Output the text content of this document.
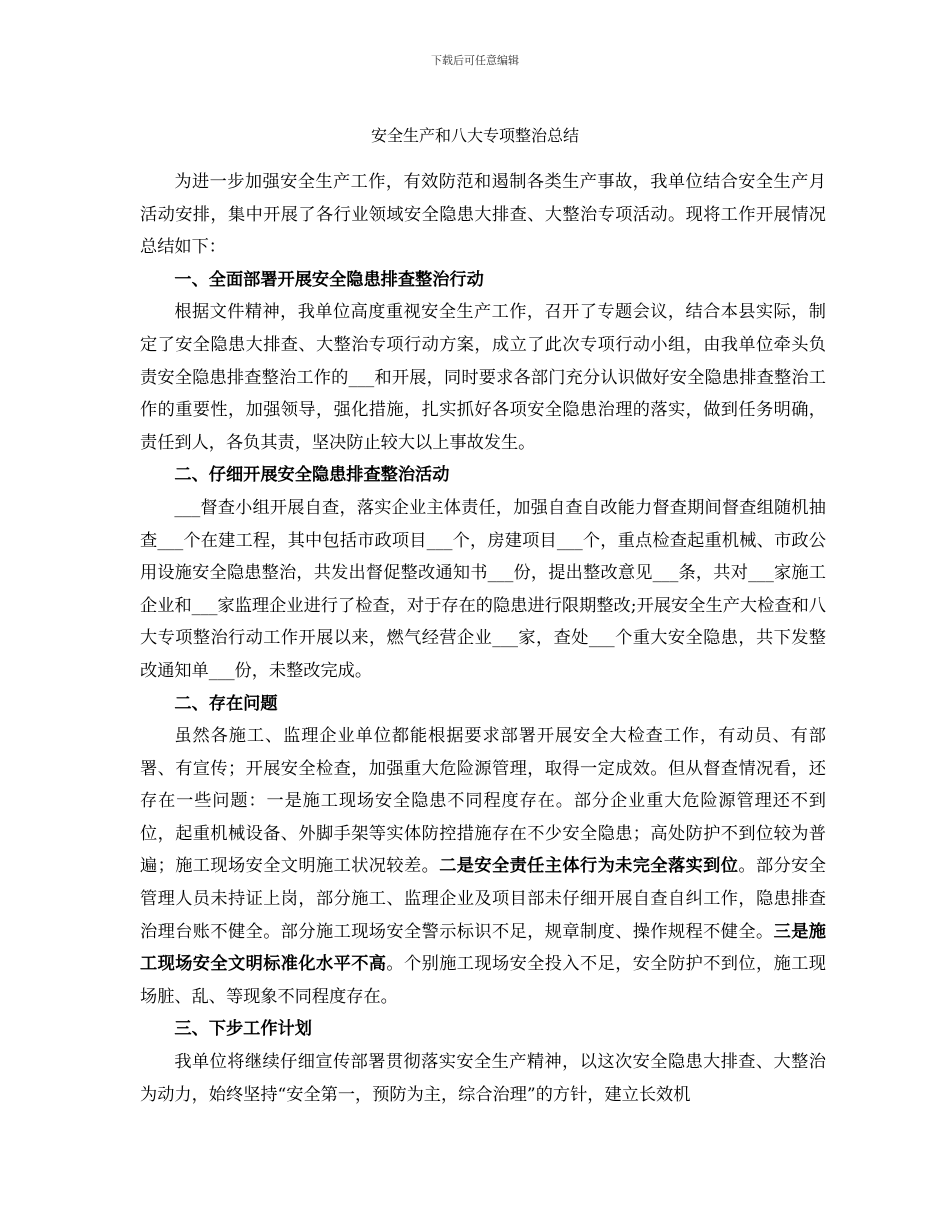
下载后可任意编辑
安全生产和八大专项整治总结

为进一步加强安全生产工作，有效防范和遏制各类生产事故，我单位结合安全生产月活动安排，集中开展了各行业领域安全隐患大排查、大整治专项活动。现将工作开展情况总结如下：

一、全面部署开展安全隐患排查整治行动

根据文件精神，我单位高度重视安全生产工作，召开了专题会议，结合本县实际，制定了安全隐患大排查、大整治专项行动方案，成立了此次专项行动小组，由我单位牵头负责安全隐患排查整治工作的___和开展，同时要求各部门充分认识做好安全隐患排查整治工作的重要性，加强领导，强化措施，扎实抓好各项安全隐患治理的落实，做到任务明确，责任到人，各负其责，坚决防止较大以上事故发生。

二、仔细开展安全隐患排查整治活动

___督查小组开展自查，落实企业主体责任，加强自查自改能力督查期间督查组随机抽查___个在建工程，其中包括市政项目___个，房建项目___个，重点检查起重机械、市政公用设施安全隐患整治，共发出督促整改通知书___份，提出整改意见___条，共对___家施工企业和___家监理企业进行了检查，对于存在的隐患进行限期整改;开展安全生产大检查和八大专项整治行动工作开展以来，燃气经营企业___家，查处___个重大安全隐患，共下发整改通知单___份，未整改完成。

二、存在问题

虽然各施工、监理企业单位都能根据要求部署开展安全大检查工作，有动员、有部署、有宣传；开展安全检查，加强重大危险源管理，取得一定成效。但从督查情况看，还存在一些问题：一是施工现场安全隐患不同程度存在。部分企业重大危险源管理还不到位，起重机械设备、外脚手架等实体防控措施存在不少安全隐患；高处防护不到位较为普遍；施工现场安全文明施工状况较差。二是安全责任主体行为未完全落实到位。部分安全管理人员未持证上岗，部分施工、监理企业及项目部未仔细开展自查自纠工作，隐患排查治理台账不健全。部分施工现场安全警示标识不足，规章制度、操作规程不健全。三是施工现场安全文明标准化水平不高。个别施工现场安全投入不足，安全防护不到位，施工现场脏、乱、等现象不同程度存在。

三、下步工作计划

我单位将继续仔细宣传部署贯彻落实安全生产精神，以这次安全隐患大排查、大整治为动力，始终坚持“安全第一，预防为主，综合治理”的方针，建立长效机
